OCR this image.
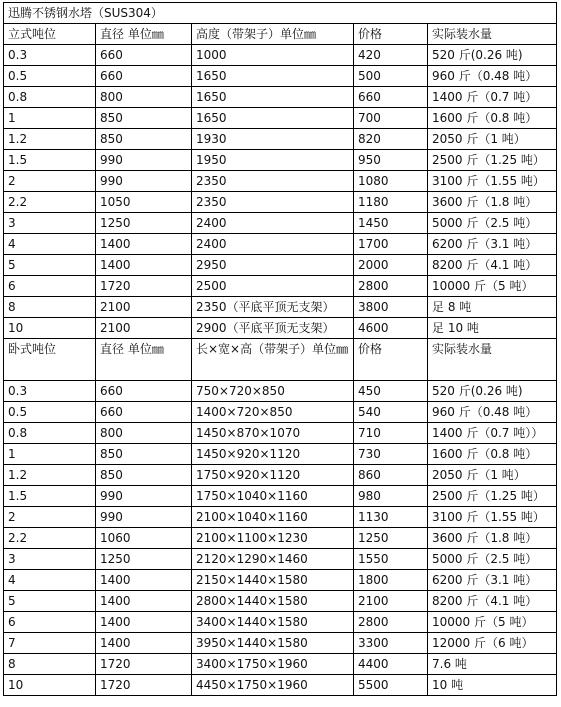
迅腾不锈钢水塔（SUS304）				
立式吨位	直径 单位㎜	高度（带架子）单位㎜	价格	实际装水量
0.3	660	1000	420	520 斤(0.26 吨)
0.5	660	1650	500	960 斤（0.48 吨）
0.8	800	1650	660	1400 斤（0.7 吨）
1	850	1650	700	1600 斤（0.8 吨）
1.2	850	1930	820	2050 斤（1 吨）
1.5	990	1950	950	2500 斤（1.25 吨）
2	990	2350	1080	3100 斤（1.55 吨）
2.2	1050	2350	1180	3600 斤（1.8 吨）
3	1250	2400	1450	5000 斤（2.5 吨）
4	1400	2400	1700	6200 斤（3.1 吨）
5	1400	2950	2000	8200 斤（4.1 吨）
6	1720	2500	2800	10000 斤（5 吨）
8	2100	2350（平底平顶无支架）	3800	足 8 吨
10	2100	2900（平底平顶无支架）	4600	足 10 吨
卧式吨位	直径 单位㎜	长×宽×高（带架子）单位㎜	价格	实际装水量
0.3	660	750×720×850	450	520 斤(0.26 吨)
0.5	660	1400×720×850	540	960 斤（0.48 吨）
0.8	800	1450×870×1070	710	1400 斤（0.7 吨））
1	850	1450×920×1120	730	1600 斤（0.8 吨）
1.2	850	1750×920×1120	860	2050 斤（1 吨）
1.5	990	1750×1040×1160	980	2500 斤（1.25 吨）
2	990	2100×1040×1160	1130	3100 斤（1.55 吨）
2.2	1060	2100×1100×1230	1250	3600 斤（1.8 吨）
3	1250	2120×1290×1460	1550	5000 斤（2.5 吨）
4	1400	2150×1440×1580	1800	6200 斤（3.1 吨）
5	1400	2800×1440×1580	2100	8200 斤（4.1 吨）
6	1400	3400×1440×1580	2800	10000 斤（5 吨）
7	1400	3950×1440×1580	3300	12000 斤（6 吨）
8	1720	3400×1750×1960	4400	7.6 吨
10	1720	4450×1750×1960	5500	10 吨
